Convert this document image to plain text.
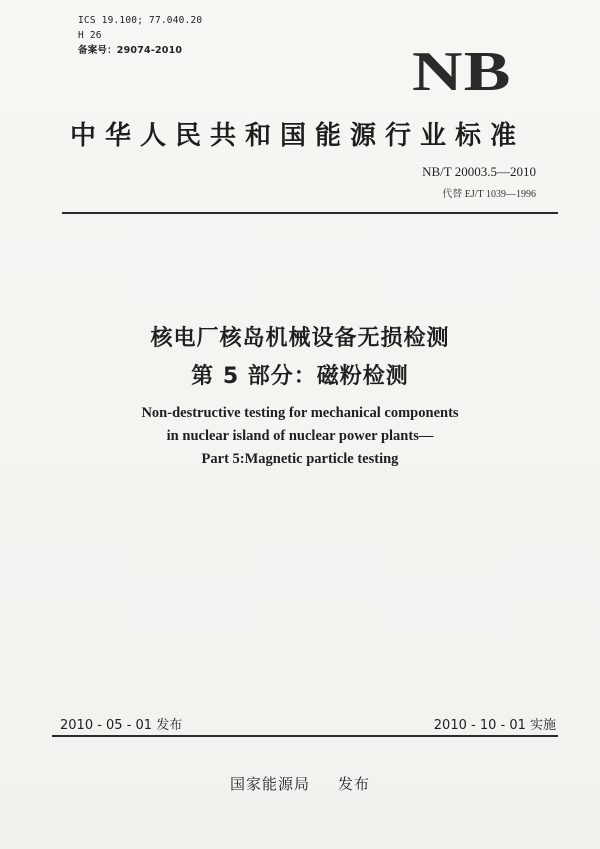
ICS 19.100; 77.040.20
H 26
备案号：29074-2010	NB
中华人民共和国能源行业标准
NB/T 20003.5—2010
代替 EJ/T 1039—1996
核电厂核岛机械设备无损检测
第 5 部分：磁粉检测
Non-destructive testing for mechanical components
in nuclear island of nuclear power plants—
Part 5:Magnetic particle testing
2010 - 05 - 01 发布	2010 - 10 - 01 实施
国家能源局 发布
